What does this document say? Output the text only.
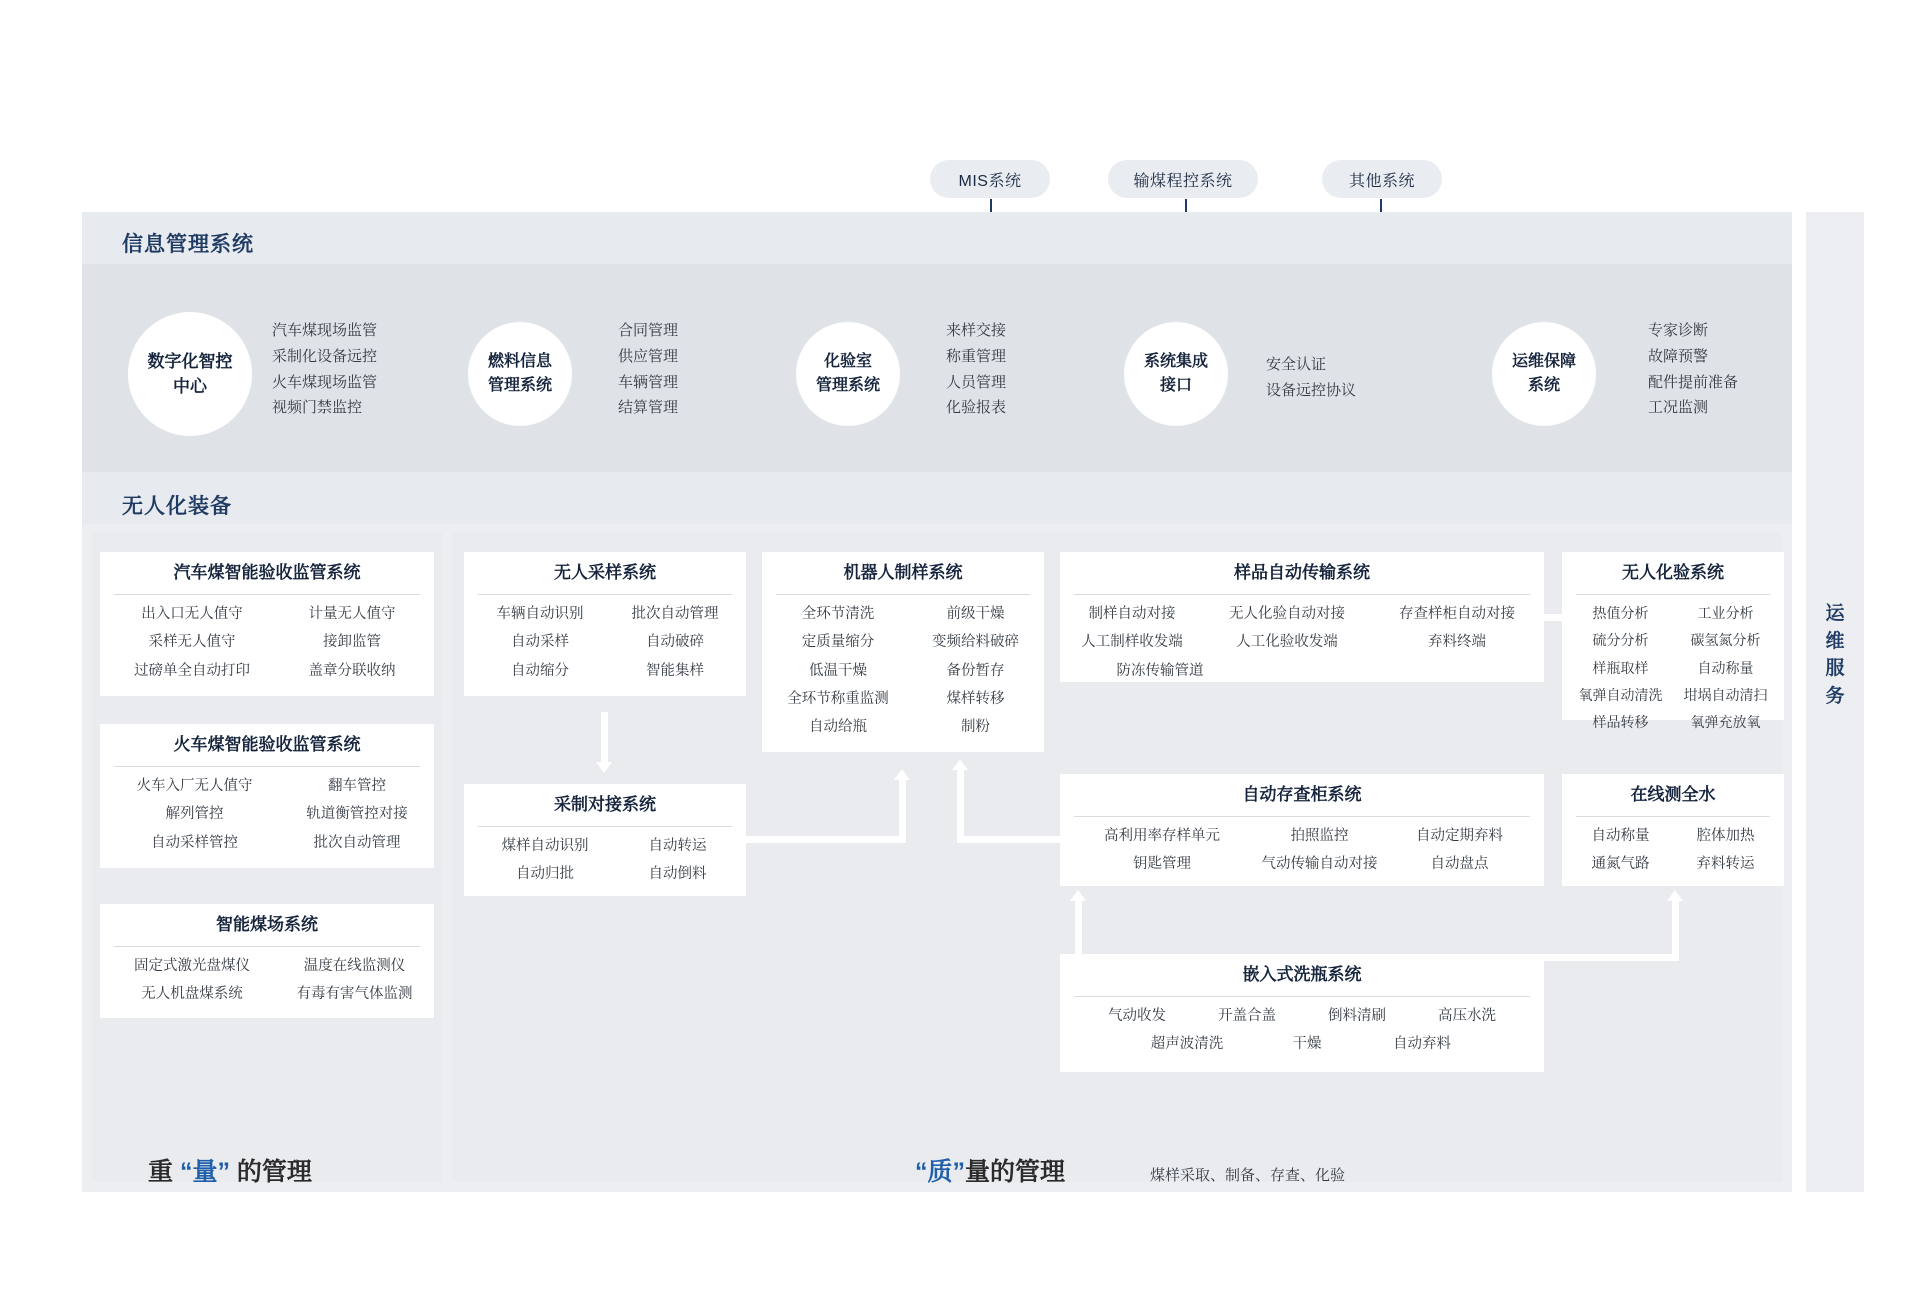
MIS系统	输煤程控系统	其他系统
信息管理系统
数字化智控
中心
汽车煤现场监管
采制化设备远控
火车煤现场监管
视频门禁监控
燃料信息
管理系统
合同管理
供应管理
车辆管理
结算管理
化验室
管理系统
来样交接
称重管理
人员管理
化验报表
系统集成
接口
安全认证
设备远控协议
运维保障
系统
专家诊断
故障预警
配件提前准备
工况监测
无人化装备
汽车煤智能验收监管系统
出入口无人值守	计量无人值守
采样无人值守	接卸监管
过磅单全自动打印	盖章分联收纳
火车煤智能验收监管系统
火车入厂无人值守	翻车管控
解列管控	轨道衡管控对接
自动采样管控	批次自动管理
智能煤场系统
固定式激光盘煤仪	温度在线监测仪
无人机盘煤系统	有毒有害气体监测
无人采样系统
车辆自动识别	批次自动管理
自动采样	自动破碎
自动缩分	智能集样
采制对接系统
煤样自动识别	自动转运
自动归批	自动倒料
机器人制样系统
全环节清洗	前级干燥
定质量缩分	变频给料破碎
低温干燥	备份暂存
全环节称重监测	煤样转移
自动给瓶	制粉
样品自动传输系统
制样自动对接	无人化验自动对接	存查样柜自动对接
人工制样收发端	人工化验收发端	弃料终端
防冻传输管道
无人化验系统
热值分析	工业分析
硫分分析	碳氢氮分析
样瓶取样	自动称量
氧弹自动清洗	坩埚自动清扫
样品转移	氧弹充放氧
自动存查柜系统
高利用率存样单元	拍照监控	自动定期弃料
钥匙管理	气动传输自动对接	自动盘点
在线测全水
自动称量	腔体加热
通氮气路	弃料转运
嵌入式洗瓶系统
气动收发	开盖合盖	倒料清刷	高压水洗
超声波清洗	干燥	自动弃料
重 “量” 的管理	“质”量的管理	煤样采取、制备、存查、化验
运
维
服
务
